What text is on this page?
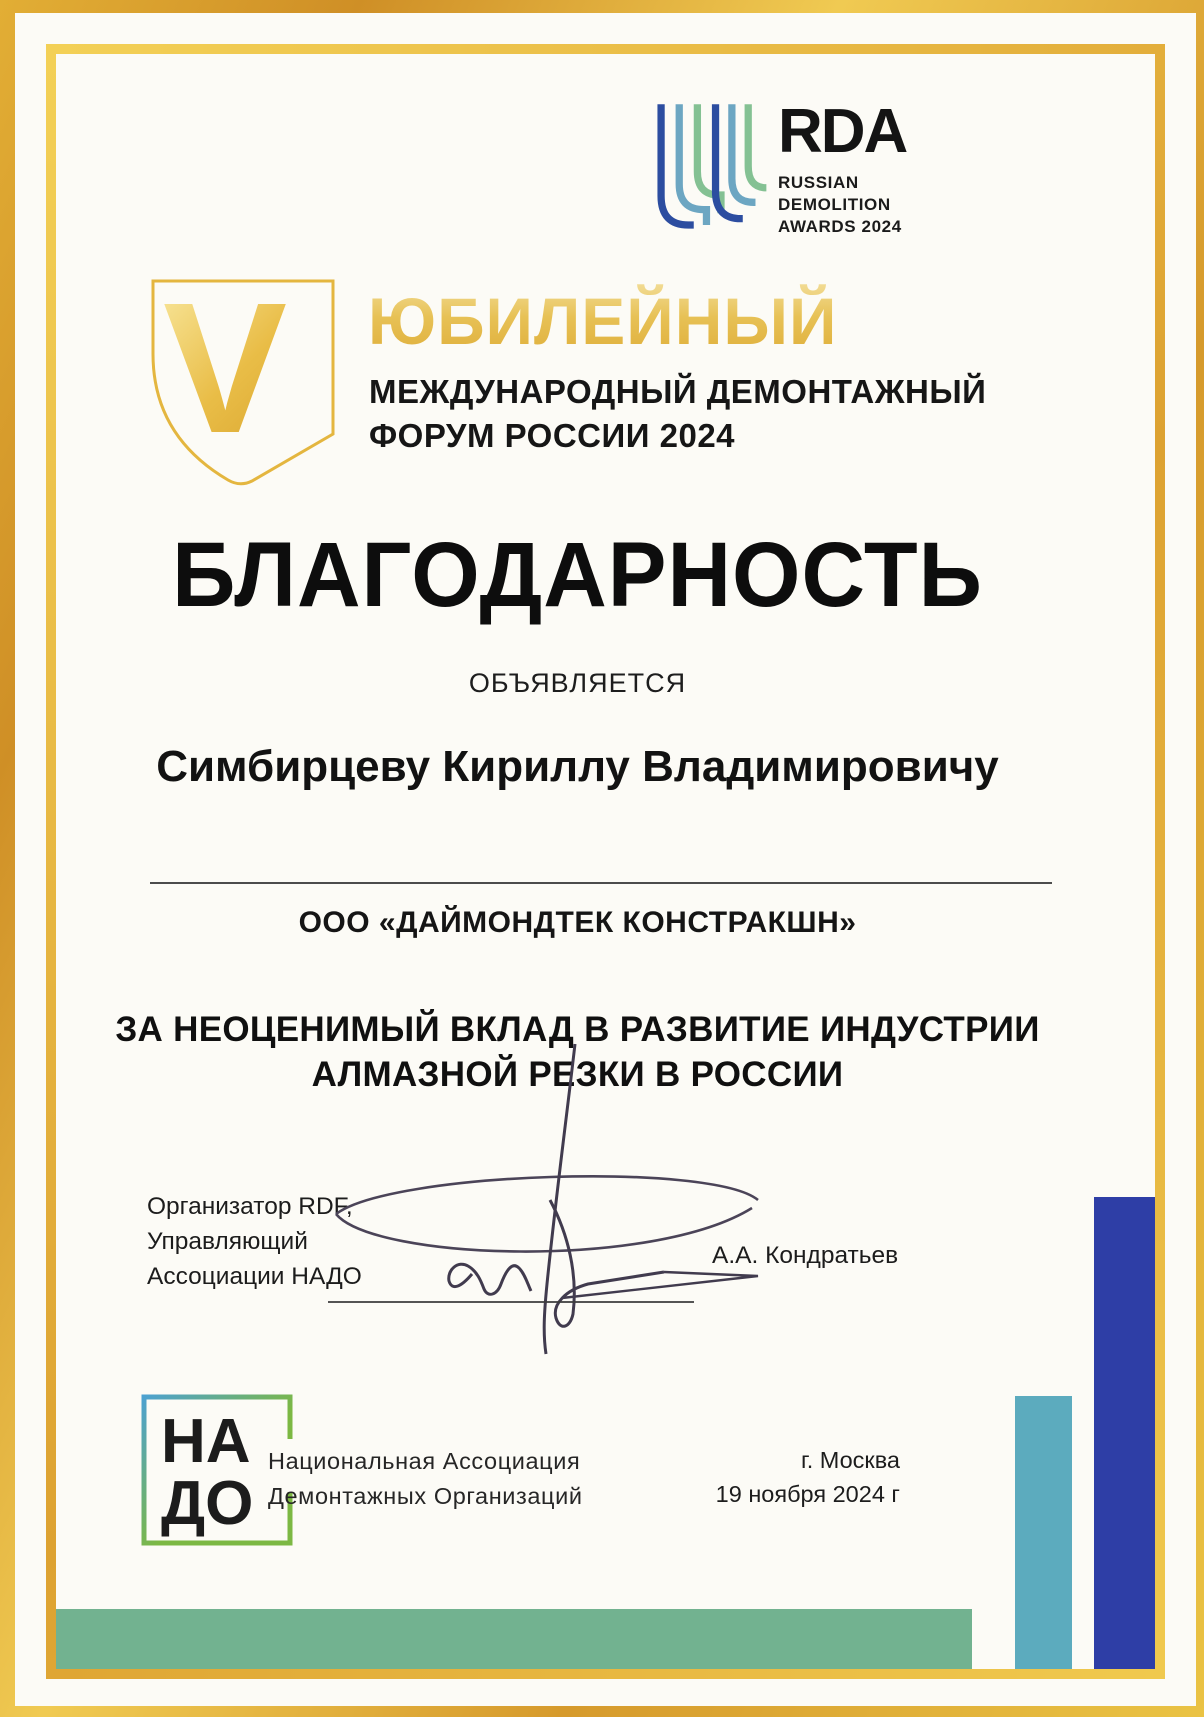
RDA
RUSSIAN
DEMOLITION
AWARDS 2024
V ЮБИЛЕЙНЫЙ
МЕЖДУНАРОДНЫЙ ДЕМОНТАЖНЫЙ
ФОРУМ РОССИИ 2024
БЛАГОДАРНОСТЬ
ОБЪЯВЛЯЕТСЯ
Симбирцеву Кириллу Владимировичу
ООО «ДАЙМОНДТЕК КОНСТРАКШН»
ЗА НЕОЦЕНИМЫЙ ВКЛАД В РАЗВИТИЕ ИНДУСТРИИ
АЛМАЗНОЙ РЕЗКИ В РОССИИ
Организатор RDF,
Управляющий
Ассоциации НАДО
А.А. Кондратьев
НА
ДО
Национальная Ассоциация
Демонтажных Организаций
г. Москва
19 ноября 2024 г
